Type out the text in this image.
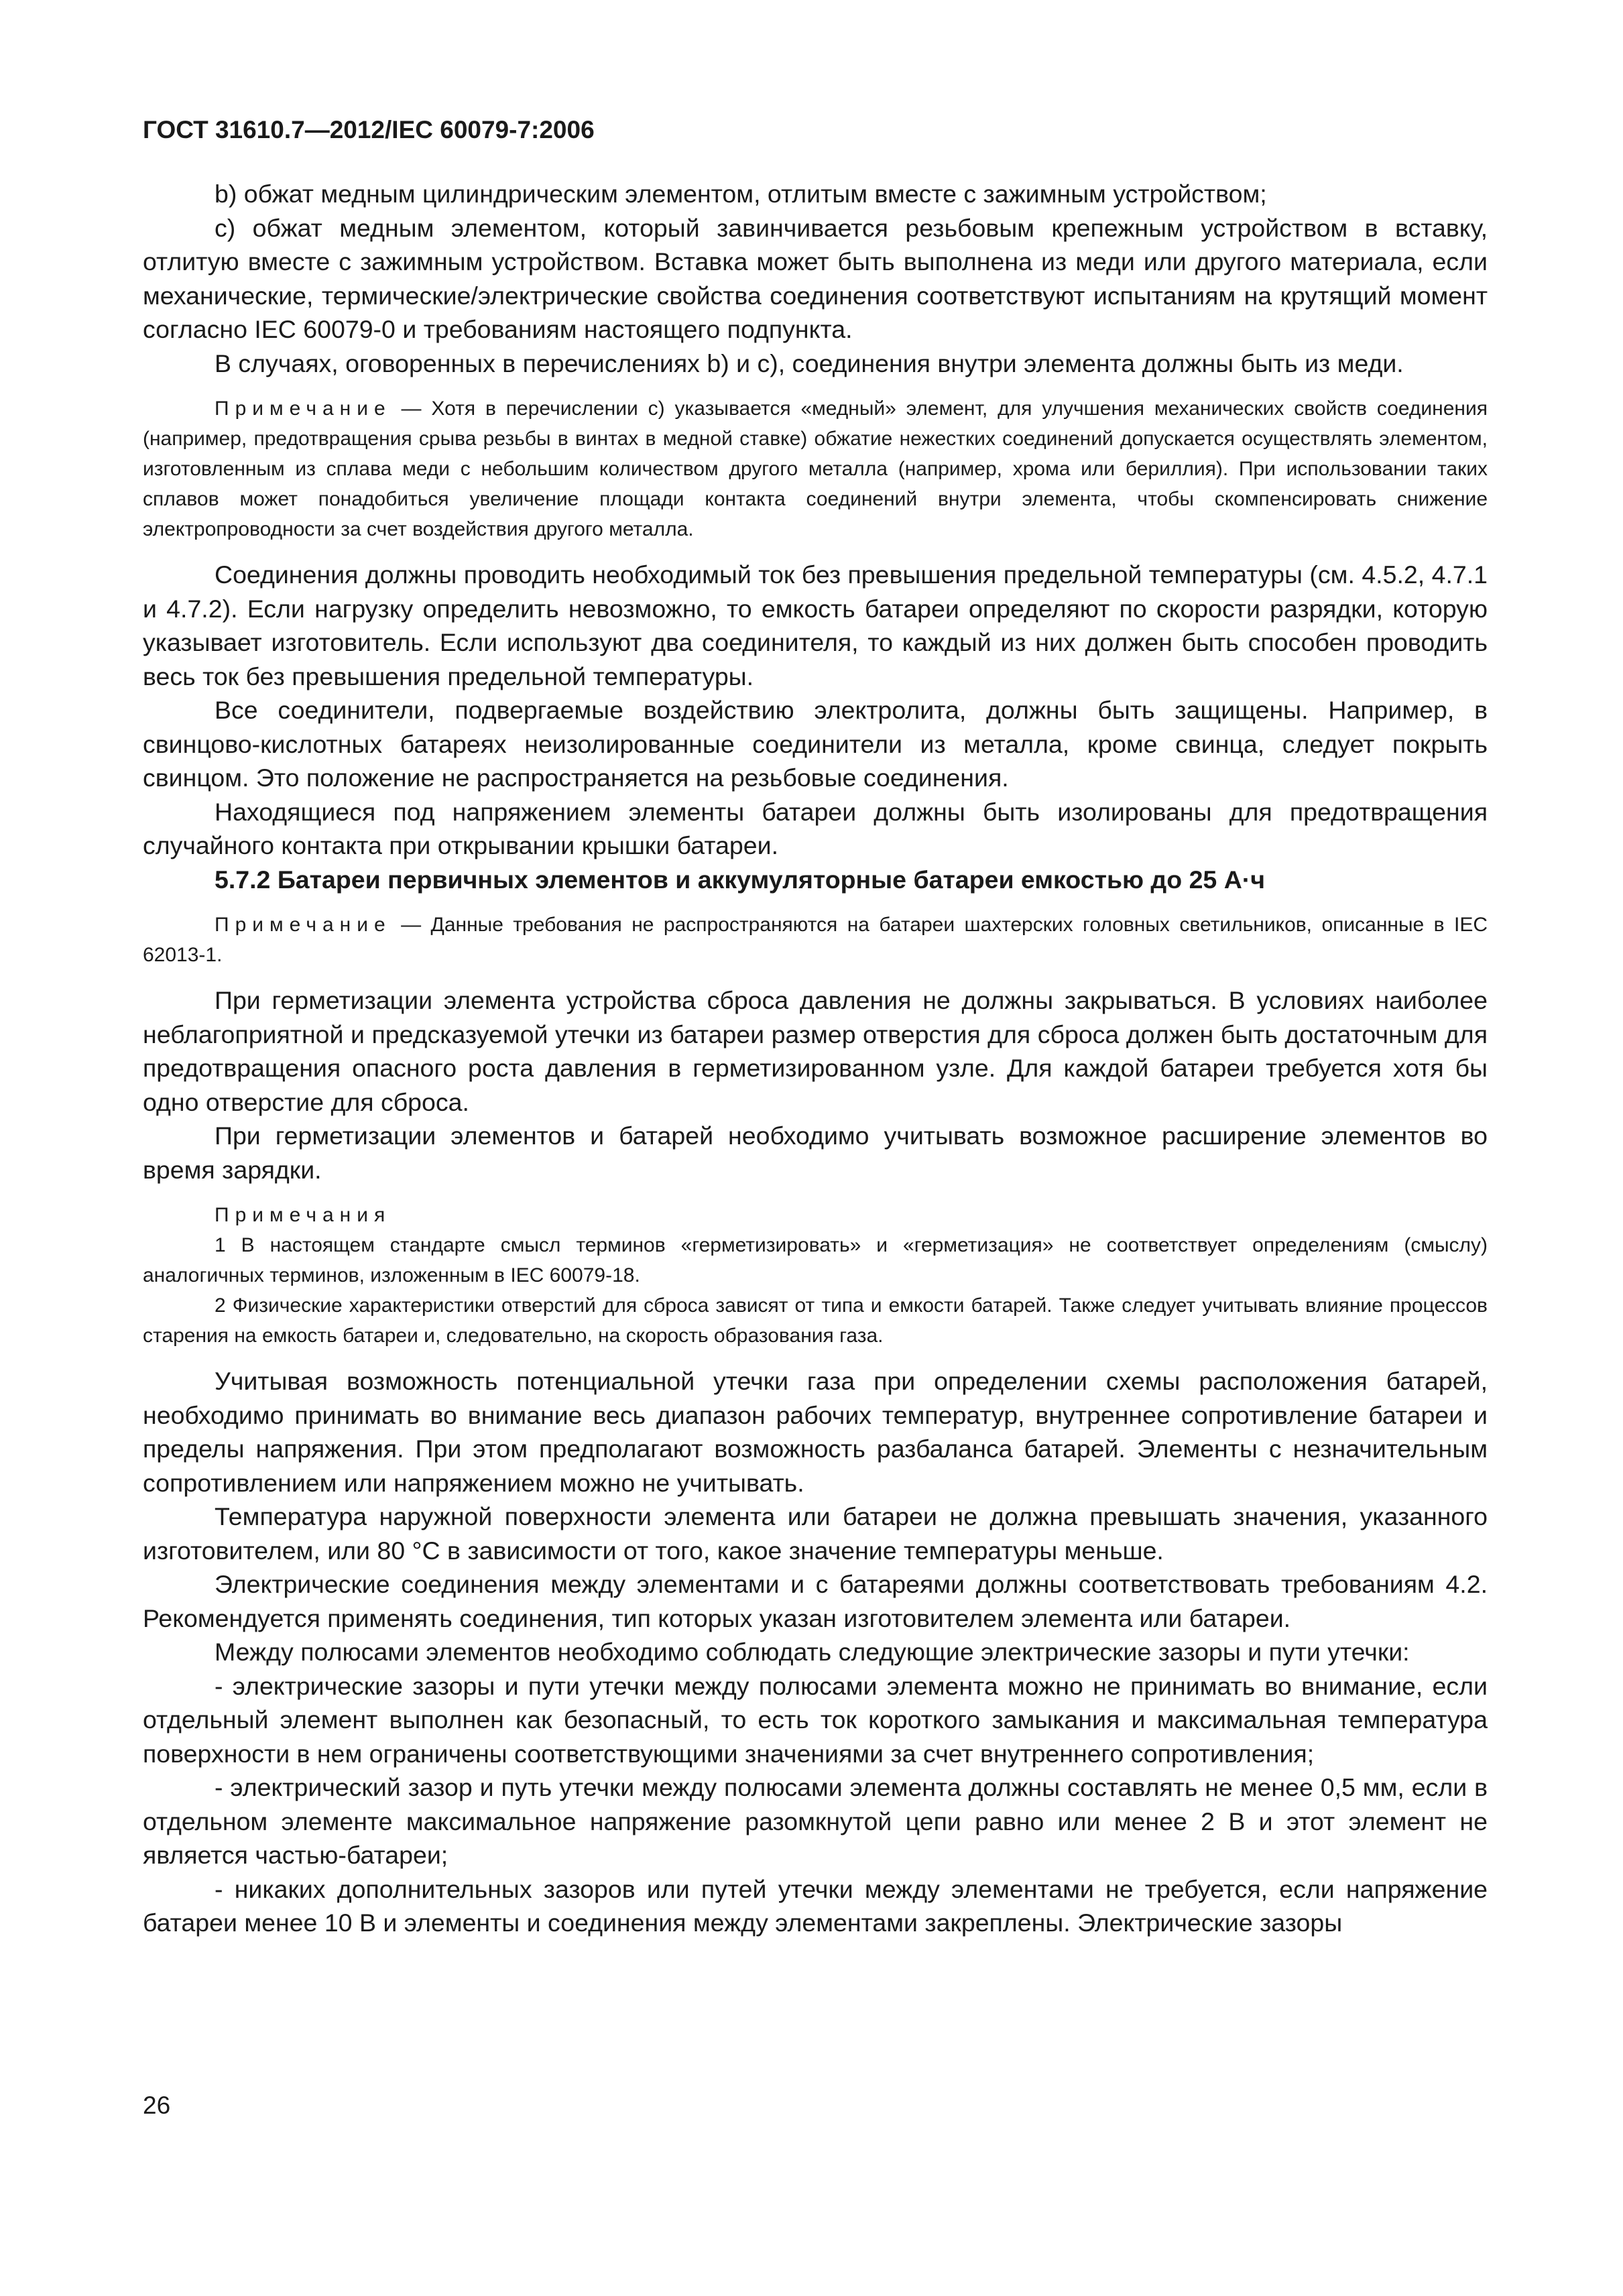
ГОСТ 31610.7—2012/IEC 60079-7:2006

b) обжат медным цилиндрическим элементом, отлитым вместе с зажимным устройством;

с) обжат медным элементом, который завинчивается резьбовым крепежным устройством в вставку, отлитую вместе с зажимным устройством. Вставка может быть выполнена из меди или другого материала, если механические, термические/электрические свойства соединения соответствуют испытаниям на крутящий момент согласно IEC 60079-0 и требованиям настоящего подпункта.

В случаях, оговоренных в перечислениях b) и с), соединения внутри элемента должны быть из меди.

Примечание — Хотя в перечислении с) указывается «медный» элемент, для улучшения механических свойств соединения (например, предотвращения срыва резьбы в винтах в медной ставке) обжатие нежестких соединений допускается осуществлять элементом, изготовленным из сплава меди с небольшим количеством другого металла (например, хрома или бериллия). При использовании таких сплавов может понадобиться увеличение площади контакта соединений внутри элемента, чтобы скомпенсировать снижение электропроводности за счет воздействия другого металла.

Соединения должны проводить необходимый ток без превышения предельной температуры (см. 4.5.2, 4.7.1 и 4.7.2). Если нагрузку определить невозможно, то емкость батареи определяют по скорости разрядки, которую указывает изготовитель. Если используют два соединителя, то каждый из них должен быть способен проводить весь ток без превышения предельной температуры.

Все соединители, подвергаемые воздействию электролита, должны быть защищены. Например, в свинцово-кислотных батареях неизолированные соединители из металла, кроме свинца, следует покрыть свинцом. Это положение не распространяется на резьбовые соединения.

Находящиеся под напряжением элементы батареи должны быть изолированы для предотвращения случайного контакта при открывании крышки батареи.

5.7.2 Батареи первичных элементов и аккумуляторные батареи емкостью до 25 А·ч
Примечание — Данные требования не распространяются на батареи шахтерских головных светильников, описанные в IEC 62013-1.

При герметизации элемента устройства сброса давления не должны закрываться. В условиях наиболее неблагоприятной и предсказуемой утечки из батареи размер отверстия для сброса должен быть достаточным для предотвращения опасного роста давления в герметизированном узле. Для каждой батареи требуется хотя бы одно отверстие для сброса.

При герметизации элементов и батарей необходимо учитывать возможное расширение элементов во время зарядки.

Примечания
1 В настоящем стандарте смысл терминов «герметизировать» и «герметизация» не соответствует определениям (смыслу) аналогичных терминов, изложенным в IEC 60079-18.
2 Физические характеристики отверстий для сброса зависят от типа и емкости батарей. Также следует учитывать влияние процессов старения на емкость батареи и, следовательно, на скорость образования газа.

Учитывая возможность потенциальной утечки газа при определении схемы расположения батарей, необходимо принимать во внимание весь диапазон рабочих температур, внутреннее сопротивление батареи и пределы напряжения. При этом предполагают возможность разбаланса батарей. Элементы с незначительным сопротивлением или напряжением можно не учитывать.

Температура наружной поверхности элемента или батареи не должна превышать значения, указанного изготовителем, или 80 °С в зависимости от того, какое значение температуры меньше.

Электрические соединения между элементами и с батареями должны соответствовать требованиям 4.2. Рекомендуется применять соединения, тип которых указан изготовителем элемента или батареи.

Между полюсами элементов необходимо соблюдать следующие электрические зазоры и пути утечки:

- электрические зазоры и пути утечки между полюсами элемента можно не принимать во внимание, если отдельный элемент выполнен как безопасный, то есть ток короткого замыкания и максимальная температура поверхности в нем ограничены соответствующими значениями за счет внутреннего сопротивления;

- электрический зазор и путь утечки между полюсами элемента должны составлять не менее 0,5 мм, если в отдельном элементе максимальное напряжение разомкнутой цепи равно или менее 2 В и этот элемент не является частью-батареи;

- никаких дополнительных зазоров или путей утечки между элементами не требуется, если напряжение батареи менее 10 В и элементы и соединения между элементами закреплены. Электрические зазоры

26
